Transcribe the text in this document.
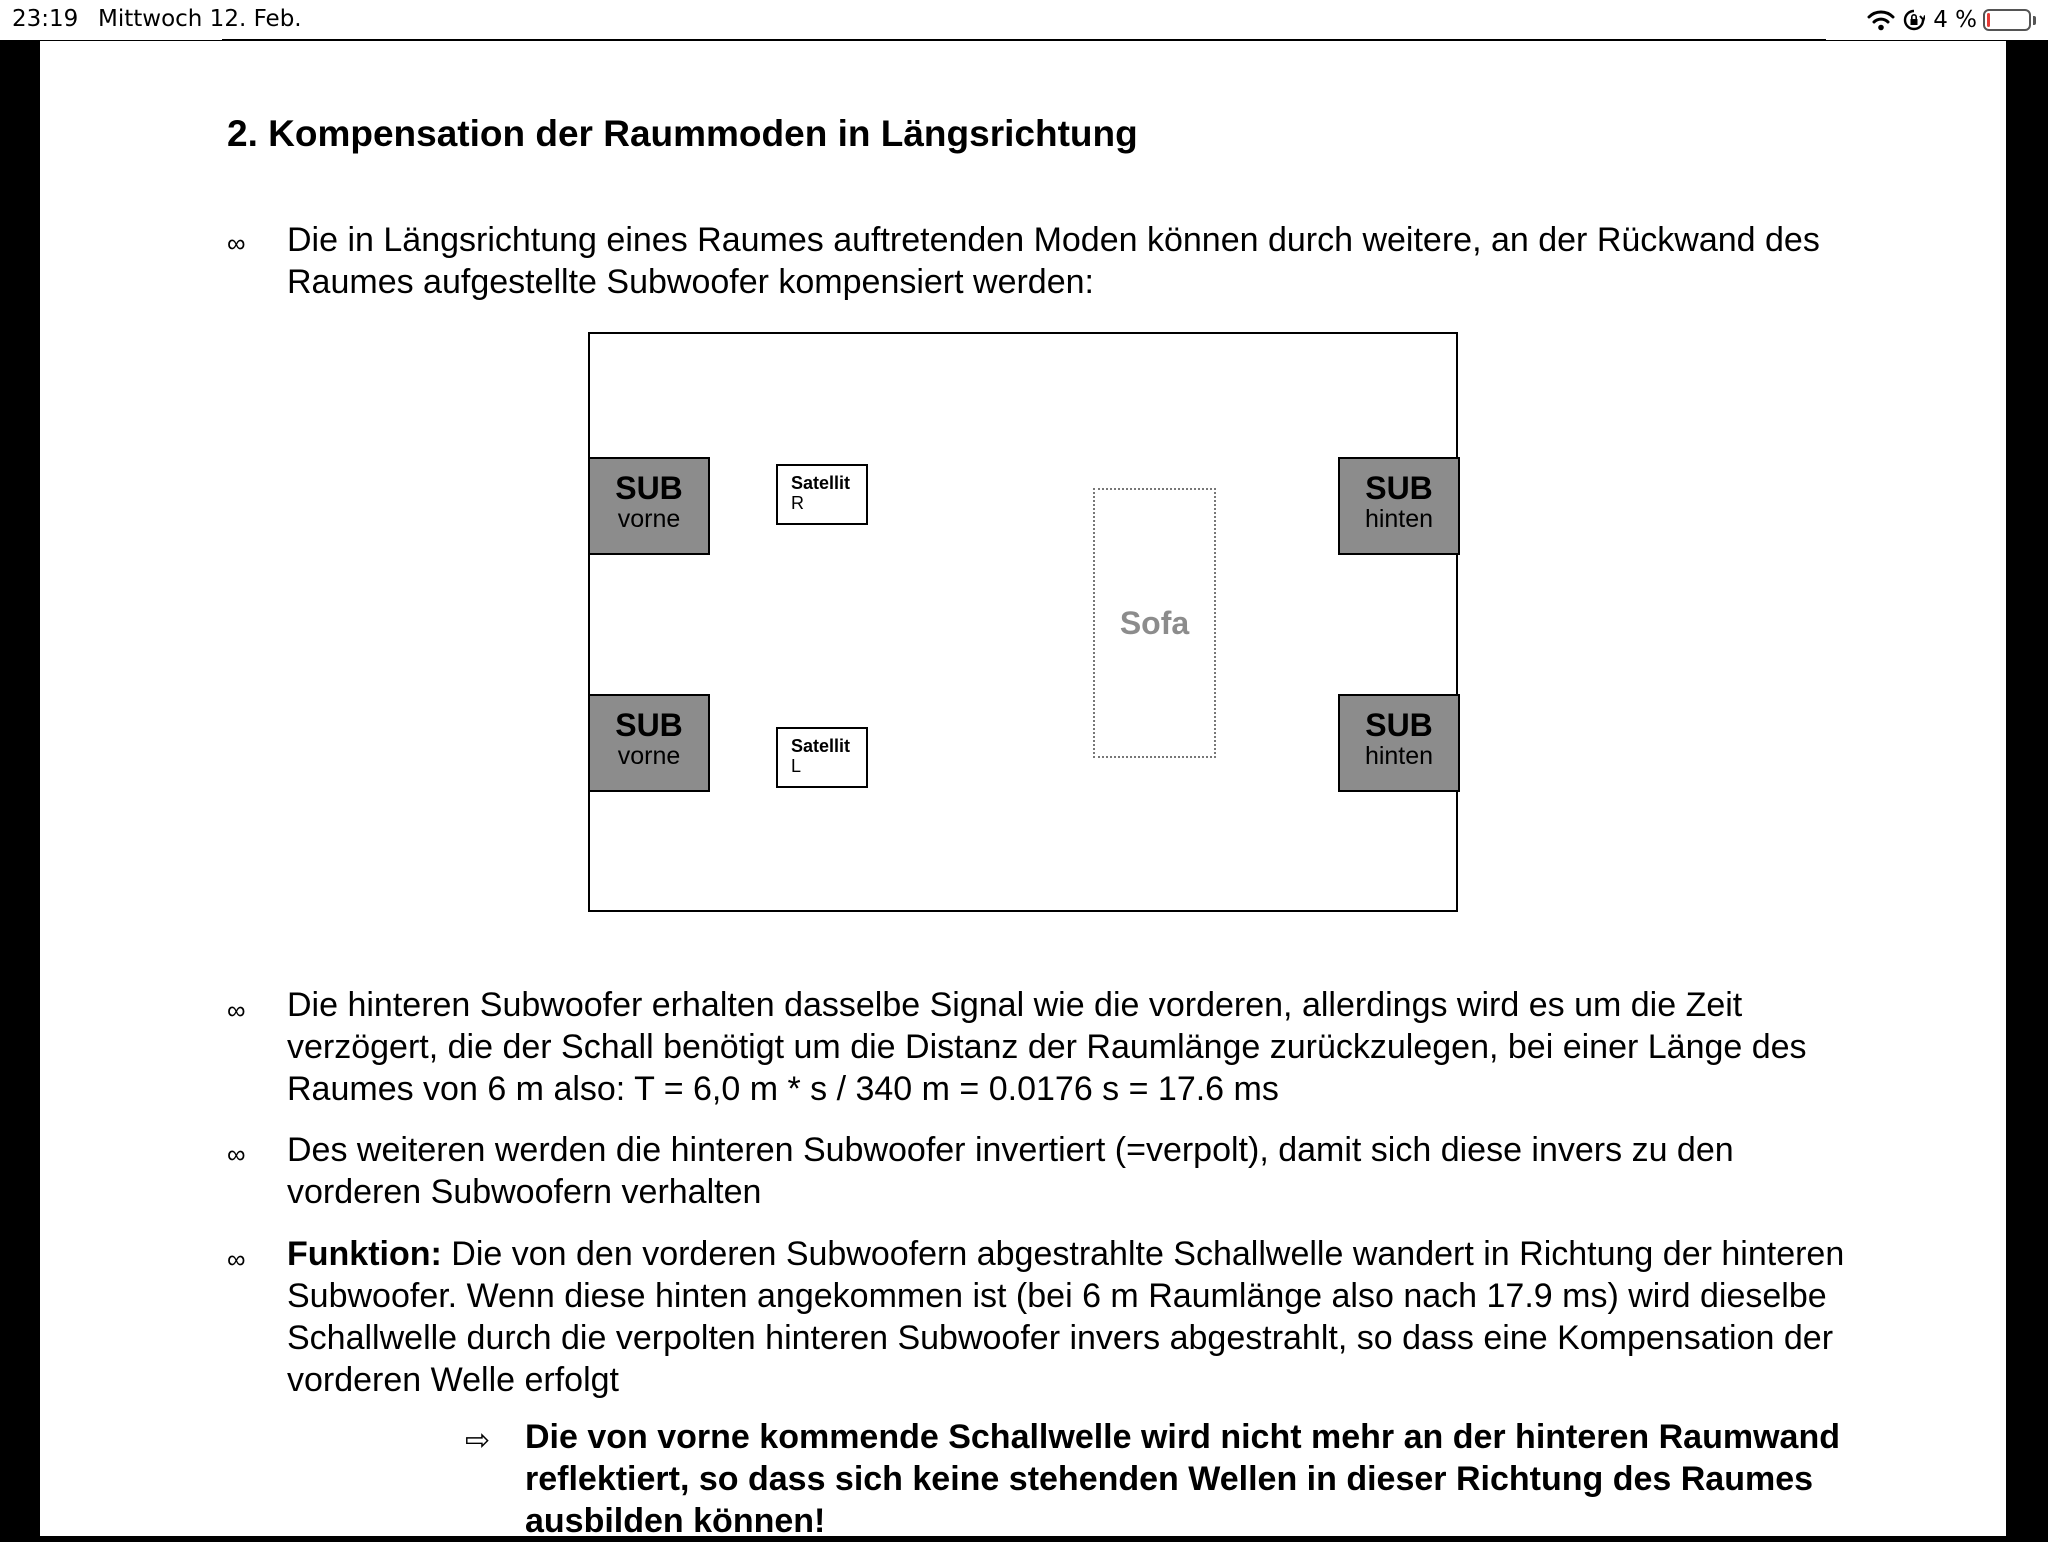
23:19 Mittwoch 12. Feb.	4 %
2. Kompensation der Raummoden in Längsrichtung
∞ Die in Längsrichtung eines Raumes auftretenden Moden können durch weitere, an der Rückwand des Raumes aufgestellte Subwoofer kompensiert werden:
SUB
vorne
SUB
vorne
SUB
hinten
SUB
hinten
Satellit
R
Satellit
L
Sofa
∞ Die hinteren Subwoofer erhalten dasselbe Signal wie die vorderen, allerdings wird es um die Zeit verzögert, die der Schall benötigt um die Distanz der Raumlänge zurückzulegen, bei einer Länge des Raumes von 6 m also: T = 6,0 m * s / 340 m = 0.0176 s = 17.6 ms
∞ Des weiteren werden die hinteren Subwoofer invertiert (=verpolt), damit sich diese invers zu den vorderen Subwoofern verhalten
∞ Funktion: Die von den vorderen Subwoofern abgestrahlte Schallwelle wandert in Richtung der hinteren Subwoofer. Wenn diese hinten angekommen ist (bei 6 m Raumlänge also nach 17.9 ms) wird dieselbe Schallwelle durch die verpolten hinteren Subwoofer invers abgestrahlt, so dass eine Kompensation der vorderen Welle erfolgt
⇨ Die von vorne kommende Schallwelle wird nicht mehr an der hinteren Raumwand reflektiert, so dass sich keine stehenden Wellen in dieser Richtung des Raumes ausbilden können!
